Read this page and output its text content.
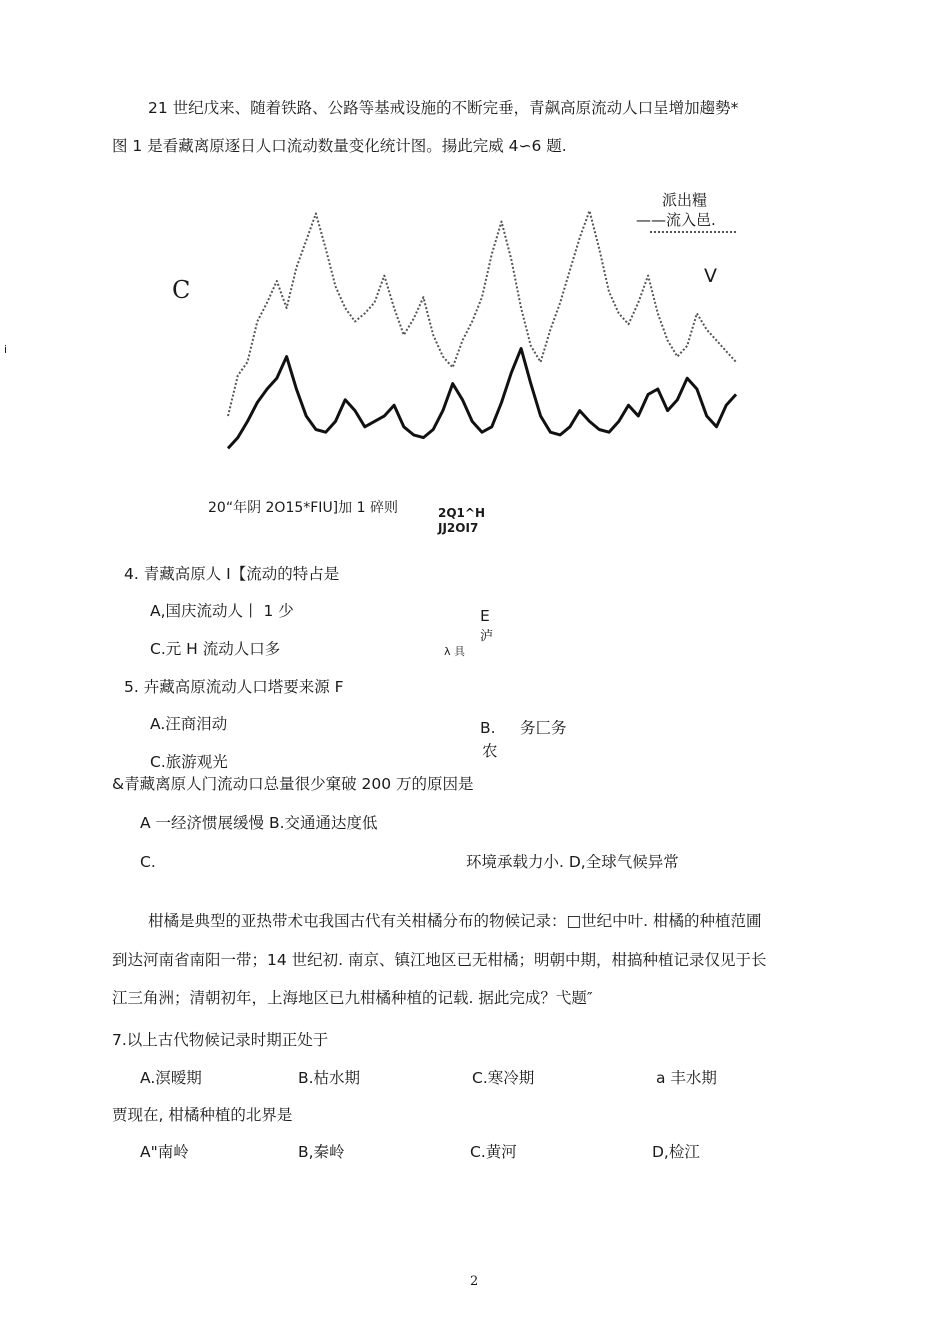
21 世纪戊来、随着铁路、公路等基戒设施的不断完垂，青飙高原流动人口呈增加趨勢*
图 1 是看藏离原逐日人口流动数量变化统计图。揚此完威 4∽6 题.
C
i
派出糧
——流入邑.
V
20“年阴 2O15*FIU]加 1 碎则	2Q1^H
JJ2OI7
4. 青藏高原人 I【流动的特占是
A,国庆流动人丨 1 少
C.元 H 流动人口多
E
泸
λ 具
5. 卉藏高原流动人口塔要来源 F
A.汪商泪动	B. 务匚务
农
C.旅游观光
&青藏离原人门流动口总量很少窠破 200 万的原因是
A 一经济惯展缓慢 B.交通通达度低
C.	环境承载力小. D,全球气候异常
柑橘是典型的亚热带术屯我国古代有关柑橘分布的物候记录：□世纪中叶. 柑橘的种植范圃
到达河南省南阳一带；14 世纪初. 南京、镇江地区已无柑橘；明朝中期，柑搞种植记录仅见于长
江三角洲；清朝初年，上海地区已九柑橘种植的记载. 据此完成？弋题″
7.以上古代物候记录时期正处于
A.溟暧期	B.枯水期	C.寒冷期	a 丰水期
贾现在, 柑橘种植的北界是
A"南岭	B,秦岭	C.黄河	D,检江
2
